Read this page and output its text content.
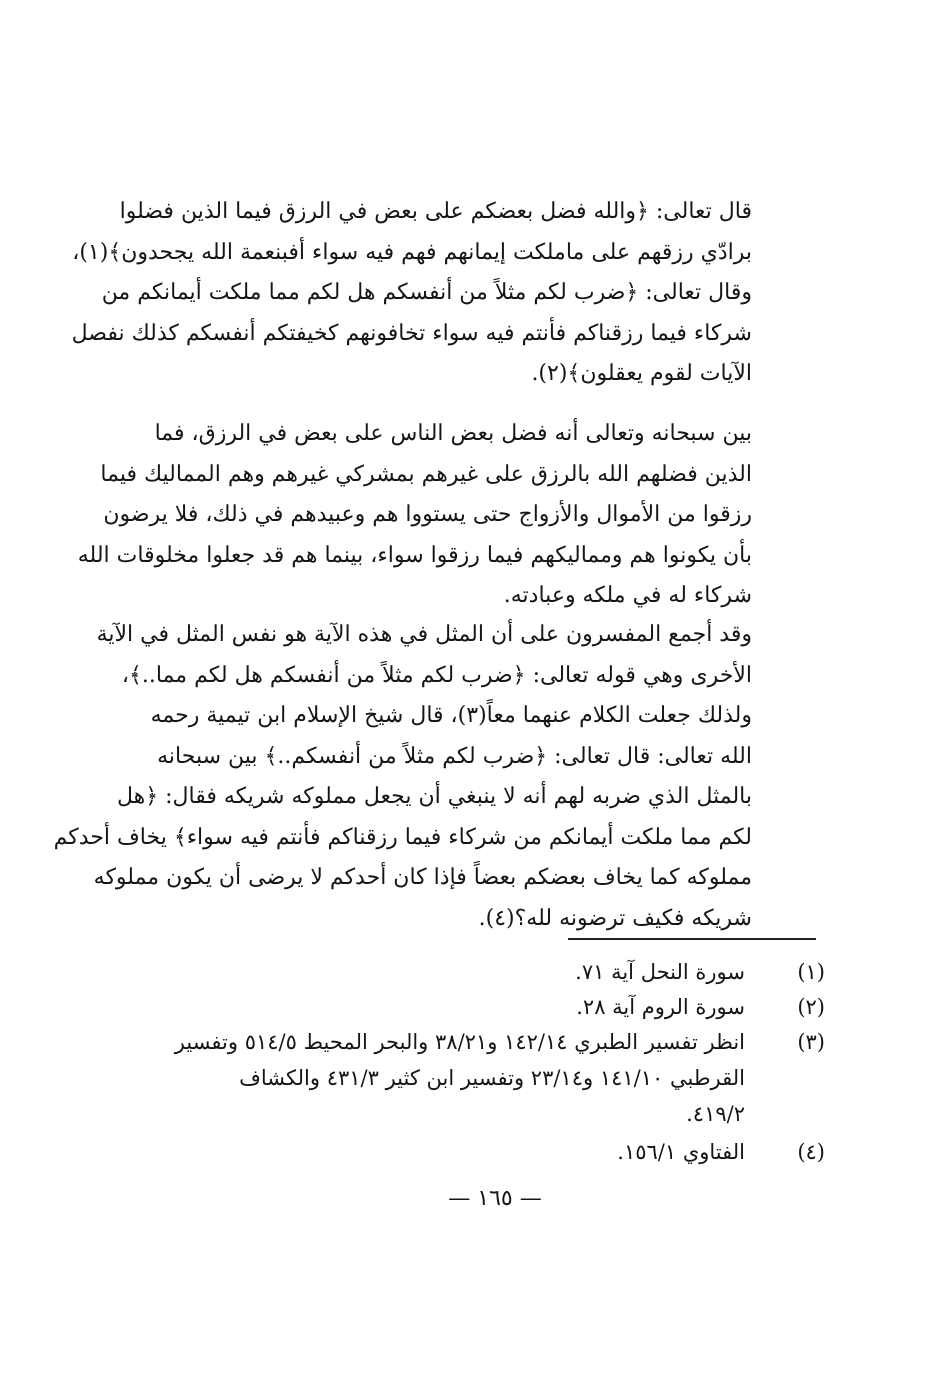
قال تعالى: ﴿والله فضل بعضكم على بعض في الرزق فيما الذين فضلوا
برادّي رزقهم على ماملكت إيمانهم فهم فيه سواء أفبنعمة الله يجحدون﴾(١)،
وقال تعالى: ﴿ضرب لكم مثلاً من أنفسكم هل لكم مما ملكت أيمانكم من
شركاء فيما رزقناكم فأنتم فيه سواء تخافونهم كخيفتكم أنفسكم كذلك نفصل
الآيات لقوم يعقلون﴾(٢).
بين سبحانه وتعالى أنه فضل بعض الناس على بعض في الرزق، فما
الذين فضلهم الله بالرزق على غيرهم بمشركي غيرهم وهم المماليك فيما
رزقوا من الأموال والأزواج حتى يستووا هم وعبيدهم في ذلك، فلا يرضون
بأن يكونوا هم ومماليكهم فيما رزقوا سواء، بينما هم قد جعلوا مخلوقات الله
شركاء له في ملكه وعبادته.
وقد أجمع المفسرون على أن المثل في هذه الآية هو نفس المثل في الآية
الأخرى وهي قوله تعالى: ﴿ضرب لكم مثلاً من أنفسكم هل لكم مما..﴾،
ولذلك جعلت الكلام عنهما معاً(٣)، قال شيخ الإسلام ابن تيمية رحمه
الله تعالى: قال تعالى: ﴿ضرب لكم مثلاً من أنفسكم..﴾ بين سبحانه
بالمثل الذي ضربه لهم أنه لا ينبغي أن يجعل مملوكه شريكه فقال: ﴿هل
لكم مما ملكت أيمانكم من شركاء فيما رزقناكم فأنتم فيه سواء﴾ يخاف أحدكم
مملوكه كما يخاف بعضكم بعضاً فإذا كان أحدكم لا يرضى أن يكون مملوكه
شريكه فكيف ترضونه لله؟(٤).
(١)
سورة النحل آية ٧١.
(٢)
سورة الروم آية ٢٨.
(٣)
انظر تفسير الطبري ١٤٢/١٤ و٣٨/٢١ والبحر المحيط ٥١٤/٥ وتفسير
القرطبي ١٤١/١٠ و٢٣/١٤ وتفسير ابن كثير ٤٣١/٣ والكشاف
٤١٩/٢.
(٤)
الفتاوي ١٥٦/١.
— ١٦٥ —
